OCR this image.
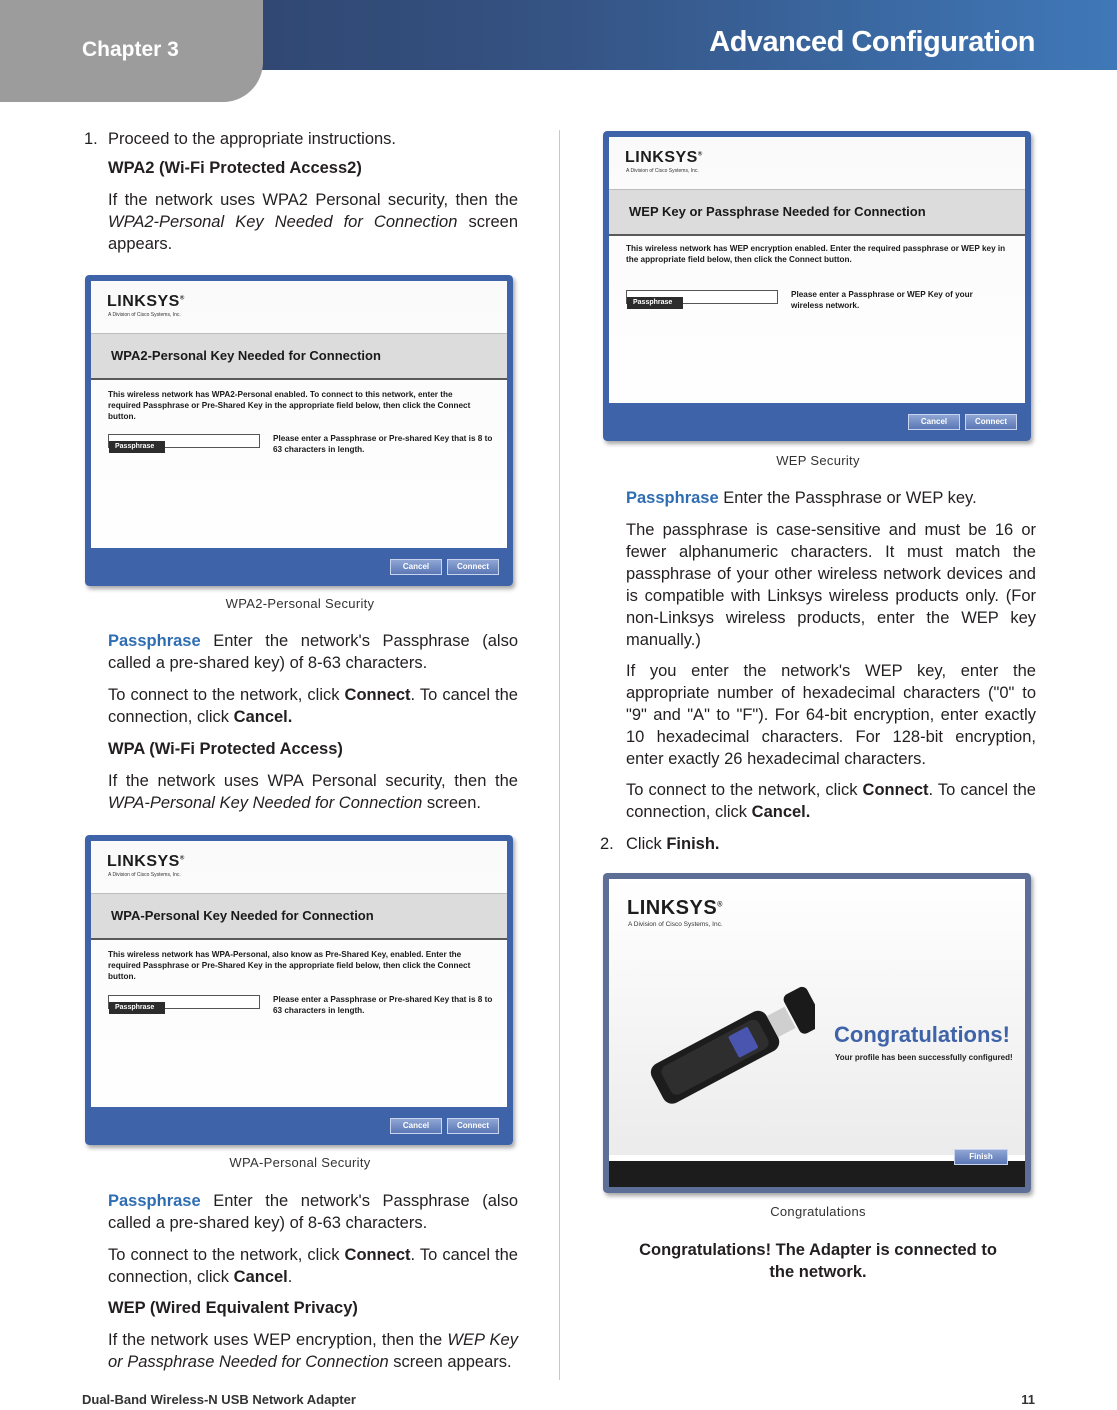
Chapter 3	Advanced Configuration
1. Proceed to the appropriate instructions.
WPA2 (Wi-Fi Protected Access2)

If the network uses WPA2 Personal security, then the WPA2-Personal Key Needed for Connection screen appears.

LINKSYS®
A Division of Cisco Systems, Inc.
WPA2-Personal Key Needed for Connection
This wireless network has WPA2-Personal enabled. To connect to this network, enter the required Passphrase or Pre-Shared Key in the appropriate field below, then click the Connect button.
Passphrase
Please enter a Passphrase or Pre-shared Key that is 8 to 63 characters in length.
Cancel	Connect
WPA2-Personal Security

Passphrase Enter the network's Passphrase (also called a pre-shared key) of 8-63 characters.

To connect to the network, click Connect. To cancel the connection, click Cancel.

WPA (Wi-Fi Protected Access)

If the network uses WPA Personal security, then the WPA-Personal Key Needed for Connection screen.

LINKSYS®
A Division of Cisco Systems, Inc.
WPA-Personal Key Needed for Connection
This wireless network has WPA-Personal, also know as Pre-Shared Key, enabled. Enter the required Passphrase or Pre-Shared Key in the appropriate field below, then click the Connect button.
Passphrase
Please enter a Passphrase or Pre-shared Key that is 8 to 63 characters in length.
Cancel	Connect
WPA-Personal Security

Passphrase Enter the network's Passphrase (also called a pre-shared key) of 8-63 characters.

To connect to the network, click Connect. To cancel the connection, click Cancel.

WEP (Wired Equivalent Privacy)

If the network uses WEP encryption, then the WEP Key or Passphrase Needed for Connection screen appears.

LINKSYS®
A Division of Cisco Systems, Inc.
WEP Key or Passphrase Needed for Connection
This wireless network has WEP encryption enabled. Enter the required passphrase or WEP key in the appropriate field below, then click the Connect button.
Passphrase
Please enter a Passphrase or WEP Key of your wireless network.
Cancel	Connect
WEP Security

Passphrase Enter the Passphrase or WEP key.

The passphrase is case-sensitive and must be 16 or fewer alphanumeric characters. It must match the passphrase of your other wireless network devices and is compatible with Linksys wireless products only. (For non-Linksys wireless products, enter the WEP key manually.)

If you enter the network's WEP key, enter the appropriate number of hexadecimal characters ("0" to "9" and "A" to "F"). For 64-bit encryption, enter exactly 10 hexadecimal characters. For 128-bit encryption, enter exactly 26 hexadecimal characters.

To connect to the network, click Connect. To cancel the connection, click Cancel.

2. Click Finish.
LINKSYS®
A Division of Cisco Systems, Inc.
Congratulations!
Your profile has been successfully configured!
Finish
Congratulations
Congratulations! The Adapter is connected to
the network.
Dual-Band Wireless-N USB Network Adapter	11
